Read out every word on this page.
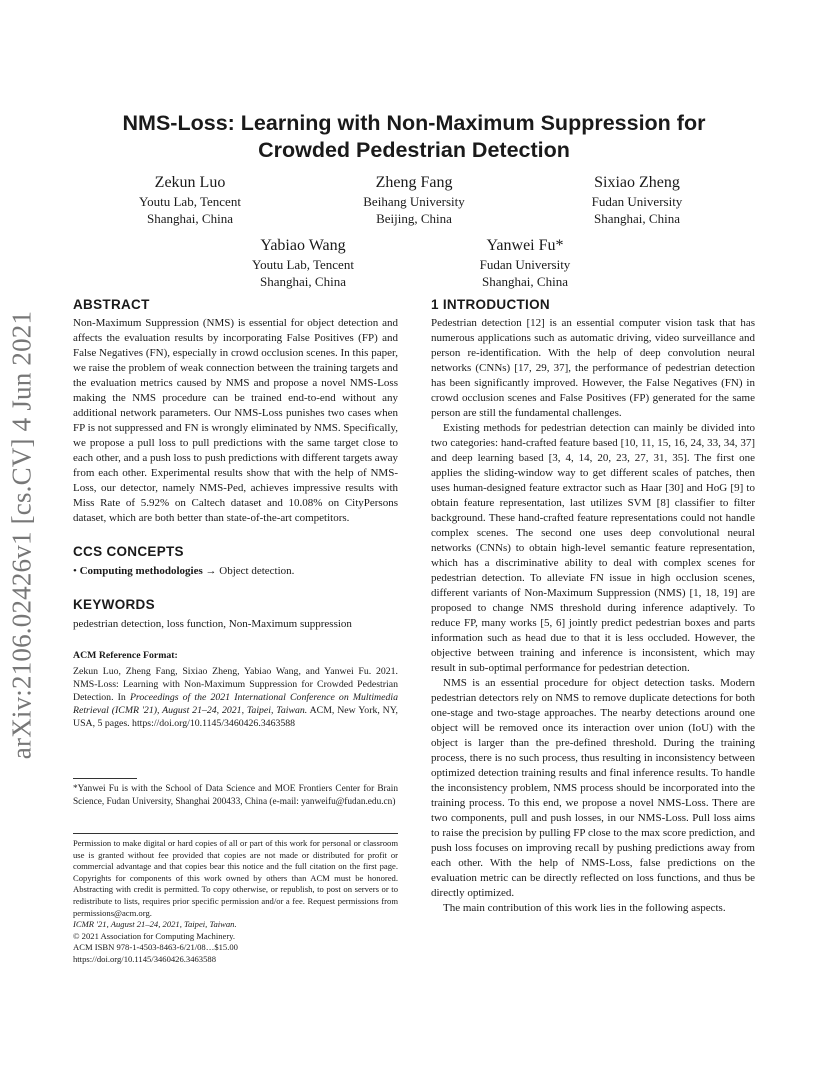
NMS-Loss: Learning with Non-Maximum Suppression for
Crowded Pedestrian Detection
Zekun Luo
Youtu Lab, Tencent
Shanghai, China
Zheng Fang
Beihang University
Beijing, China
Sixiao Zheng
Fudan University
Shanghai, China
Yabiao Wang
Youtu Lab, Tencent
Shanghai, China
Yanwei Fu*
Fudan University
Shanghai, China
arXiv:2106.02426v1 [cs.CV] 4 Jun 2021
ABSTRACT

Non-Maximum Suppression (NMS) is essential for object detection and affects the evaluation results by incorporating False Positives (FP) and False Negatives (FN), especially in crowd occlusion scenes. In this paper, we raise the problem of weak connection between the training targets and the evaluation metrics caused by NMS and propose a novel NMS-Loss making the NMS procedure can be trained end-to-end without any additional network parameters. Our NMS-Loss punishes two cases when FP is not suppressed and FN is wrongly eliminated by NMS. Specifically, we propose a pull loss to pull predictions with the same target close to each other, and a push loss to push predictions with different targets away from each other. Experimental results show that with the help of NMS-Loss, our detector, namely NMS-Ped, achieves impressive results with Miss Rate of 5.92% on Caltech dataset and 10.08% on CityPersons dataset, which are both better than state-of-the-art competitors.

CCS CONCEPTS

• Computing methodologies → Object detection.

KEYWORDS

pedestrian detection, loss function, Non-Maximum suppression

ACM Reference Format:

Zekun Luo, Zheng Fang, Sixiao Zheng, Yabiao Wang, and Yanwei Fu. 2021. NMS-Loss: Learning with Non-Maximum Suppression for Crowded Pedestrian Detection. In Proceedings of the 2021 International Conference on Multimedia Retrieval (ICMR '21), August 21–24, 2021, Taipei, Taiwan. ACM, New York, NY, USA, 5 pages. https://doi.org/10.1145/3460426.3463588

*Yanwei Fu is with the School of Data Science and MOE Frontiers Center for Brain Science, Fudan University, Shanghai 200433, China (e-mail: yanweifu@fudan.edu.cn)

Permission to make digital or hard copies of all or part of this work for personal or classroom use is granted without fee provided that copies are not made or distributed for profit or commercial advantage and that copies bear this notice and the full citation on the first page. Copyrights for components of this work owned by others than ACM must be honored. Abstracting with credit is permitted. To copy otherwise, or republish, to post on servers or to redistribute to lists, requires prior specific permission and/or a fee. Request permissions from permissions@acm.org.

ICMR '21, August 21–24, 2021, Taipei, Taiwan.

© 2021 Association for Computing Machinery.

ACM ISBN 978-1-4503-8463-6/21/08…$15.00

https://doi.org/10.1145/3460426.3463588

1 INTRODUCTION

Pedestrian detection [12] is an essential computer vision task that has numerous applications such as automatic driving, video surveillance and person re-identification. With the help of deep convolution neural networks (CNNs) [17, 29, 37], the performance of pedestrian detection has been significantly improved. However, the False Negatives (FN) in crowd occlusion scenes and False Positives (FP) generated for the same person are still the fundamental challenges.

Existing methods for pedestrian detection can mainly be divided into two categories: hand-crafted feature based [10, 11, 15, 16, 24, 33, 34, 37] and deep learning based [3, 4, 14, 20, 23, 27, 31, 35]. The first one applies the sliding-window way to get different scales of patches, then uses human-designed feature extractor such as Haar [30] and HoG [9] to obtain feature representation, last utilizes SVM [8] classifier to filter background. These hand-crafted feature representations could not handle complex scenes. The second one uses deep convolutional neural networks (CNNs) to obtain high-level semantic feature representation, which has a discriminative ability to deal with complex scenes for pedestrian detection. To alleviate FN issue in high occlusion scenes, different variants of Non-Maximum Suppression (NMS) [1, 18, 19] are proposed to change NMS threshold during inference adaptively. To reduce FP, many works [5, 6] jointly predict pedestrian boxes and parts information such as head due to that it is less occluded. However, the objective between training and inference is inconsistent, which may result in sub-optimal performance for pedestrian detection.

NMS is an essential procedure for object detection tasks. Modern pedestrian detectors rely on NMS to remove duplicate detections for both one-stage and two-stage approaches. The nearby detections around one object will be removed once its interaction over union (IoU) with the object is larger than the pre-defined threshold. During the training process, there is no such process, thus resulting in inconsistency between optimized detection training results and final inference results. To handle the inconsistency problem, NMS process should be incorporated into the training process. To this end, we propose a novel NMS-Loss. There are two components, pull and push losses, in our NMS-Loss. Pull loss aims to raise the precision by pulling FP close to the max score prediction, and push loss focuses on improving recall by pushing predictions away from each other. With the help of NMS-Loss, false predictions on the evaluation metric can be directly reflected on loss functions, and thus be directly optimized.

The main contribution of this work lies in the following aspects.
